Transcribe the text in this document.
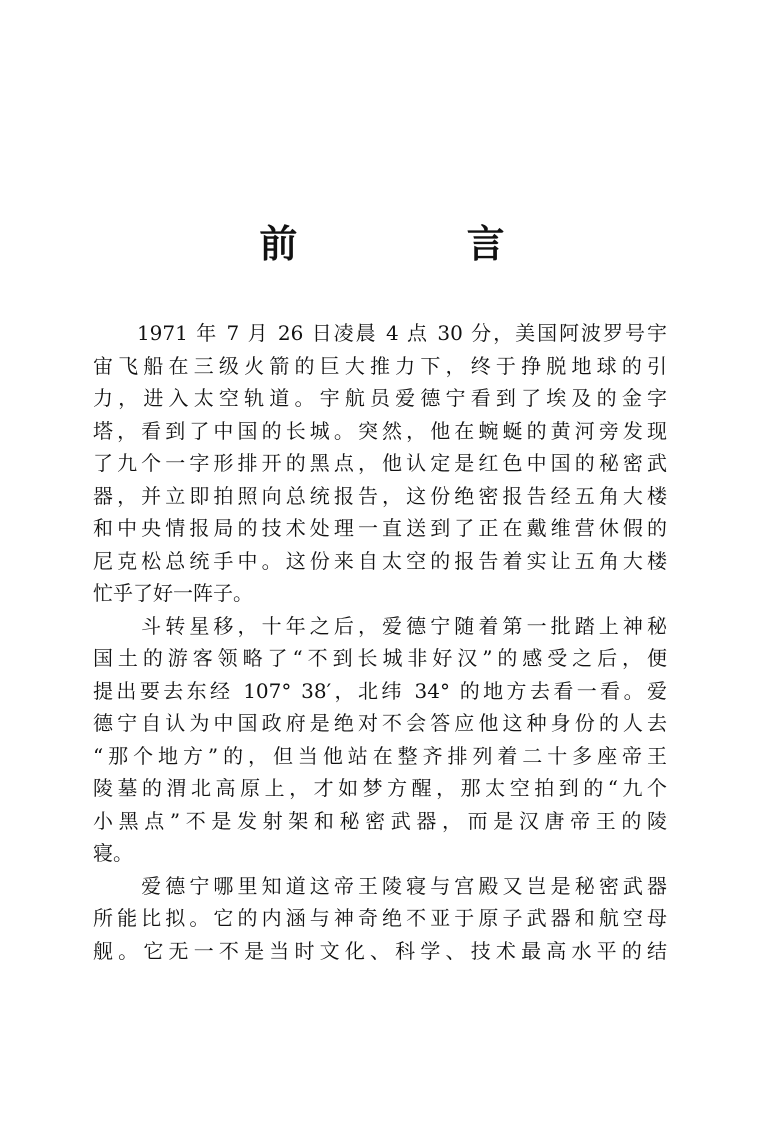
前 言
　　1971 年 7 月 26 日凌晨 4 点 30 分，美国阿波罗号宇
宙飞船在三级火箭的巨大推力下，终于挣脱地球的引
力，进入太空轨道。宇航员爱德宁看到了埃及的金字
塔，看到了中国的长城。突然，他在蜿蜒的黄河旁发现
了九个一字形排开的黑点，他认定是红色中国的秘密武
器，并立即拍照向总统报告，这份绝密报告经五角大楼
和中央情报局的技术处理一直送到了正在戴维营休假的
尼克松总统手中。这份来自太空的报告着实让五角大楼
忙乎了好一阵子。
　　斗转星移，十年之后，爱德宁随着第一批踏上神秘
国土的游客领略了“不到长城非好汉”的感受之后，便
提出要去东经 107° 38′，北纬 34° 的地方去看一看。爱
德宁自认为中国政府是绝对不会答应他这种身份的人去
“那个地方”的，但当他站在整齐排列着二十多座帝王
陵墓的渭北高原上，才如梦方醒，那太空拍到的“九个
小黑点”不是发射架和秘密武器，而是汉唐帝王的陵
寝。
　　爱德宁哪里知道这帝王陵寝与宫殿又岂是秘密武器
所能比拟。它的内涵与神奇绝不亚于原子武器和航空母
舰。它无一不是当时文化、科学、技术最高水平的结
